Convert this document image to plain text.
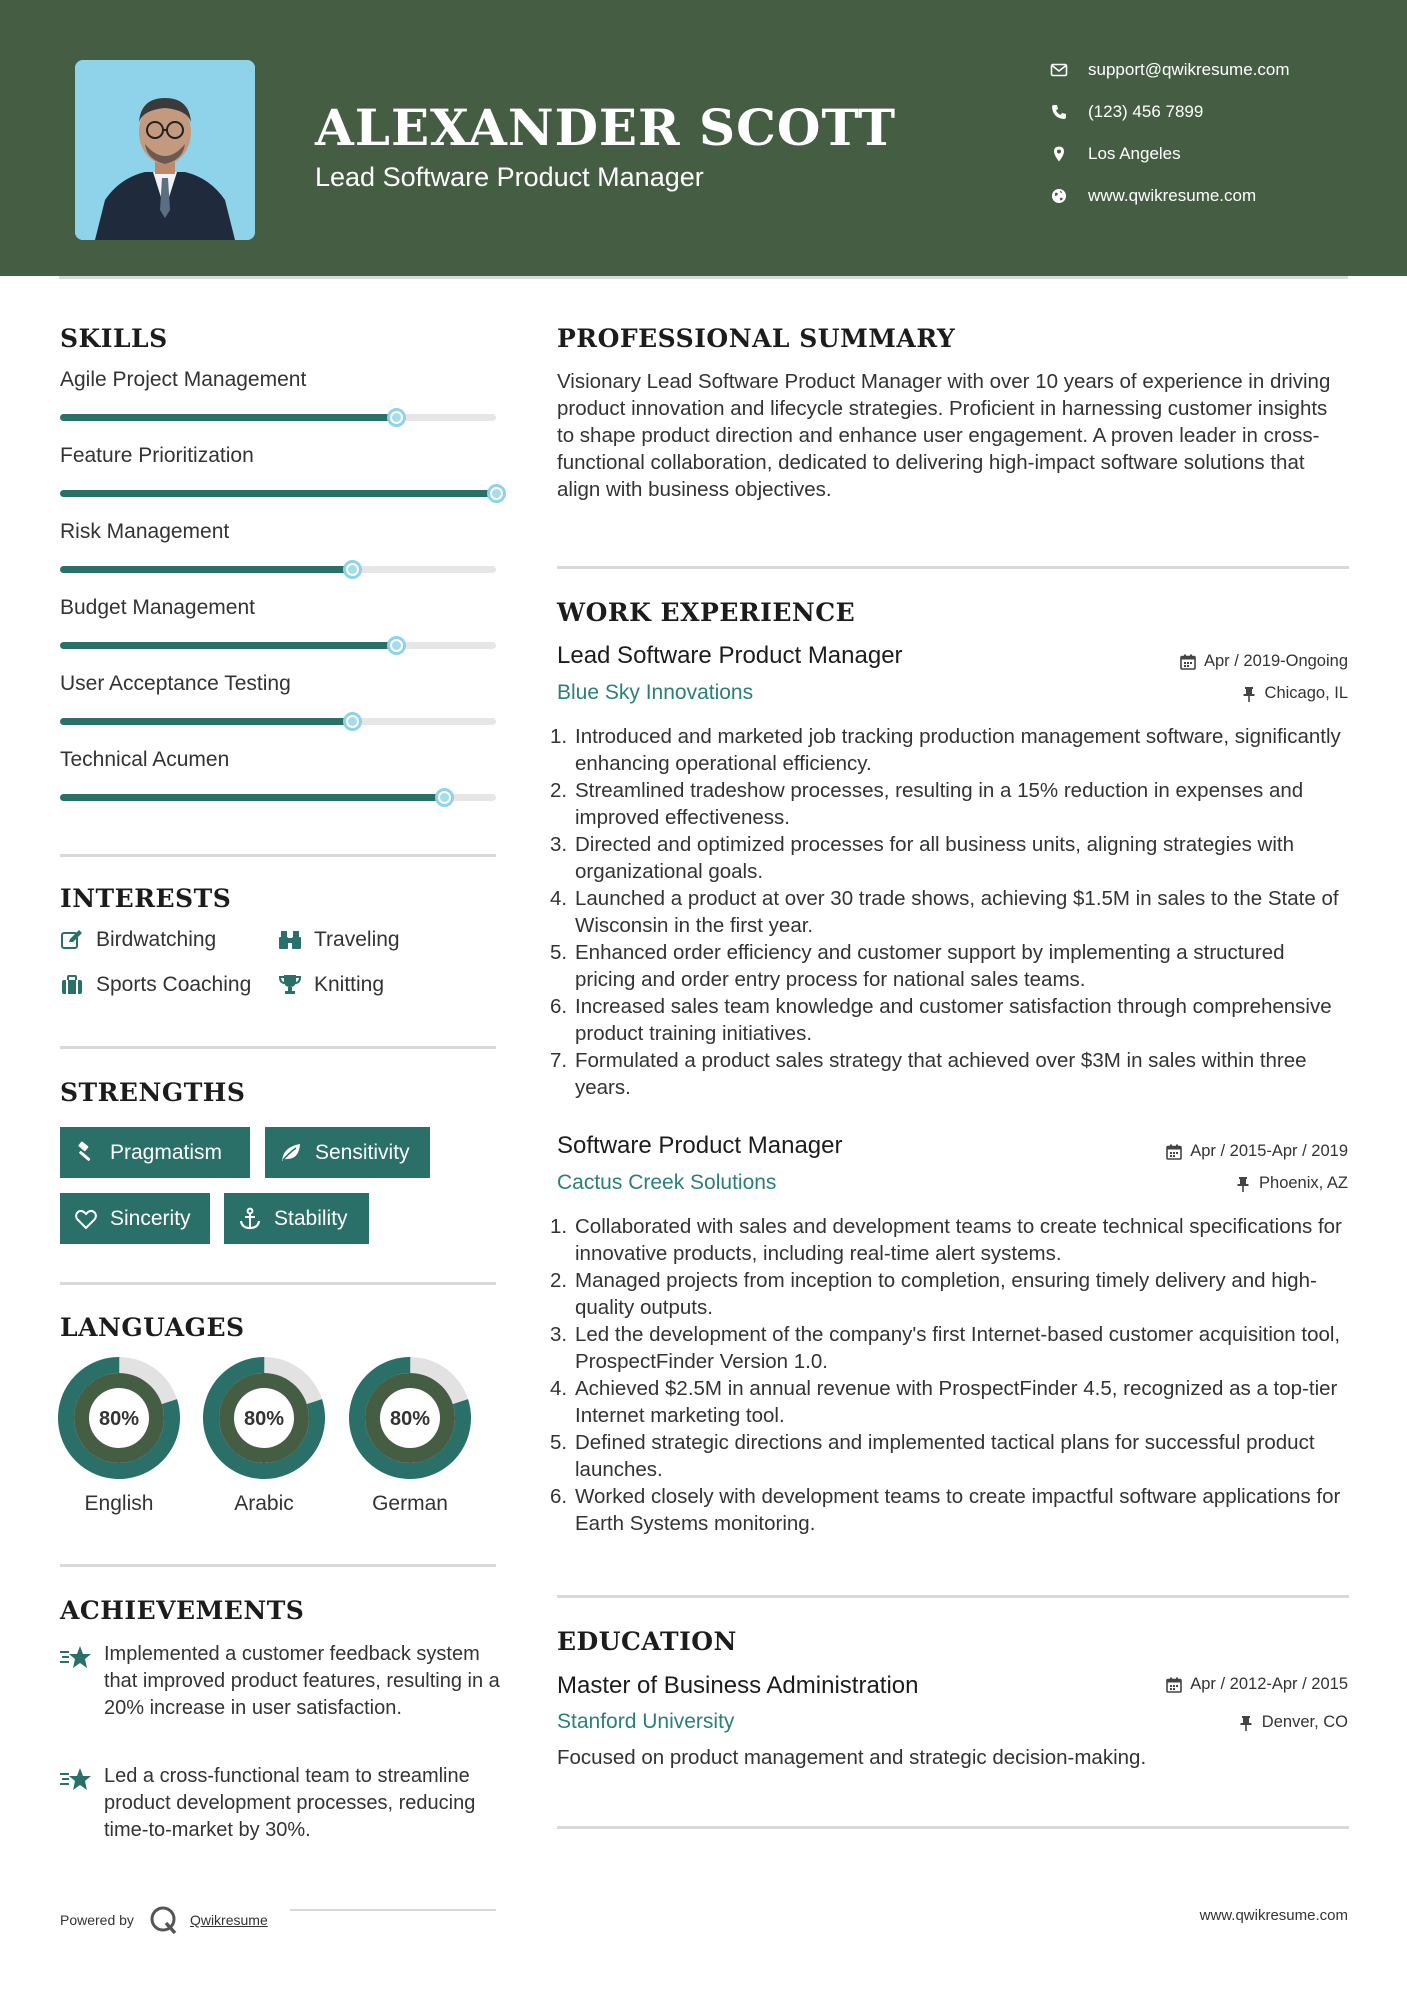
ALEXANDER SCOTT
Lead Software Product Manager
support@qwikresume.com
(123) 456 7899
Los Angeles
www.qwikresume.com
SKILLS
Agile Project Management
Feature Prioritization
Risk Management
Budget Management
User Acceptance Testing
Technical Acumen
INTERESTS
Birdwatching	Traveling
Sports Coaching	Knitting
STRENGTHS
Pragmatism	Sensitivity
Sincerity	Stability
LANGUAGES
80%
English
80%
Arabic
80%
German
ACHIEVEMENTS
Implemented a customer feedback system that improved product features, resulting in a 20% increase in user satisfaction.
Led a cross-functional team to streamline product development processes, reducing time-to-market by 30%.
Powered by	Qwikresume	www.qwikresume.com
PROFESSIONAL SUMMARY
Visionary Lead Software Product Manager with over 10 years of experience in driving product innovation and lifecycle strategies. Proficient in harnessing customer insights to shape product direction and enhance user engagement. A proven leader in cross-functional collaboration, dedicated to delivering high-impact software solutions that align with business objectives.
WORK EXPERIENCE
Lead Software Product Manager	Apr / 2019-Ongoing
Blue Sky Innovations	Chicago, IL
1. Introduced and marketed job tracking production management software, significantly enhancing operational efficiency.
2. Streamlined tradeshow processes, resulting in a 15% reduction in expenses and improved effectiveness.
3. Directed and optimized processes for all business units, aligning strategies with organizational goals.
4. Launched a product at over 30 trade shows, achieving $1.5M in sales to the State of Wisconsin in the first year.
5. Enhanced order efficiency and customer support by implementing a structured pricing and order entry process for national sales teams.
6. Increased sales team knowledge and customer satisfaction through comprehensive product training initiatives.
7. Formulated a product sales strategy that achieved over $3M in sales within three years.
Software Product Manager	Apr / 2015-Apr / 2019
Cactus Creek Solutions	Phoenix, AZ
1. Collaborated with sales and development teams to create technical specifications for innovative products, including real-time alert systems.
2. Managed projects from inception to completion, ensuring timely delivery and high-quality outputs.
3. Led the development of the company's first Internet-based customer acquisition tool, ProspectFinder Version 1.0.
4. Achieved $2.5M in annual revenue with ProspectFinder 4.5, recognized as a top-tier Internet marketing tool.
5. Defined strategic directions and implemented tactical plans for successful product launches.
6. Worked closely with development teams to create impactful software applications for Earth Systems monitoring.
EDUCATION
Master of Business Administration	Apr / 2012-Apr / 2015
Stanford University	Denver, CO
Focused on product management and strategic decision-making.
